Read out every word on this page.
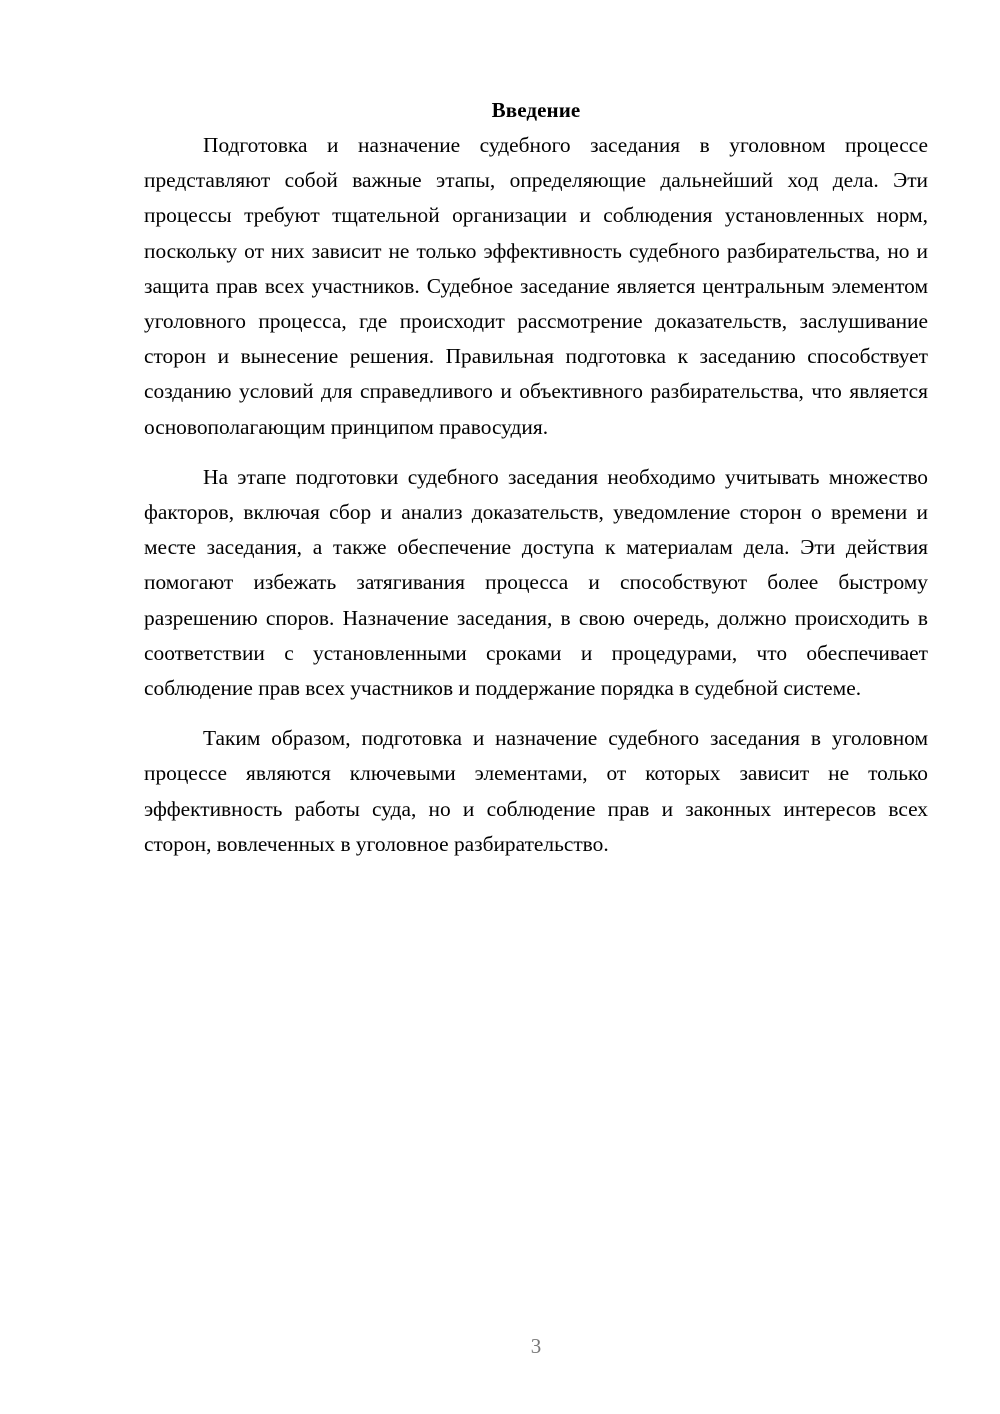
Введение

Подготовка и назначение судебного заседания в уголовном процессе представляют собой важные этапы, определяющие дальнейший ход дела. Эти процессы требуют тщательной организации и соблюдения установленных норм, поскольку от них зависит не только эффективность судебного разбирательства, но и защита прав всех участников. Судебное заседание является центральным элементом уголовного процесса, где происходит рассмотрение доказательств, заслушивание сторон и вынесение решения. Правильная подготовка к заседанию способствует созданию условий для справедливого и объективного разбирательства, что является основополагающим принципом правосудия.

На этапе подготовки судебного заседания необходимо учитывать множество факторов, включая сбор и анализ доказательств, уведомление сторон о времени и месте заседания, а также обеспечение доступа к материалам дела. Эти действия помогают избежать затягивания процесса и способствуют более быстрому разрешению споров. Назначение заседания, в свою очередь, должно происходить в соответствии с установленными сроками и процедурами, что обеспечивает соблюдение прав всех участников и поддержание порядка в судебной системе.

Таким образом, подготовка и назначение судебного заседания в уголовном процессе являются ключевыми элементами, от которых зависит не только эффективность работы суда, но и соблюдение прав и законных интересов всех сторон, вовлеченных в уголовное разбирательство.

3
